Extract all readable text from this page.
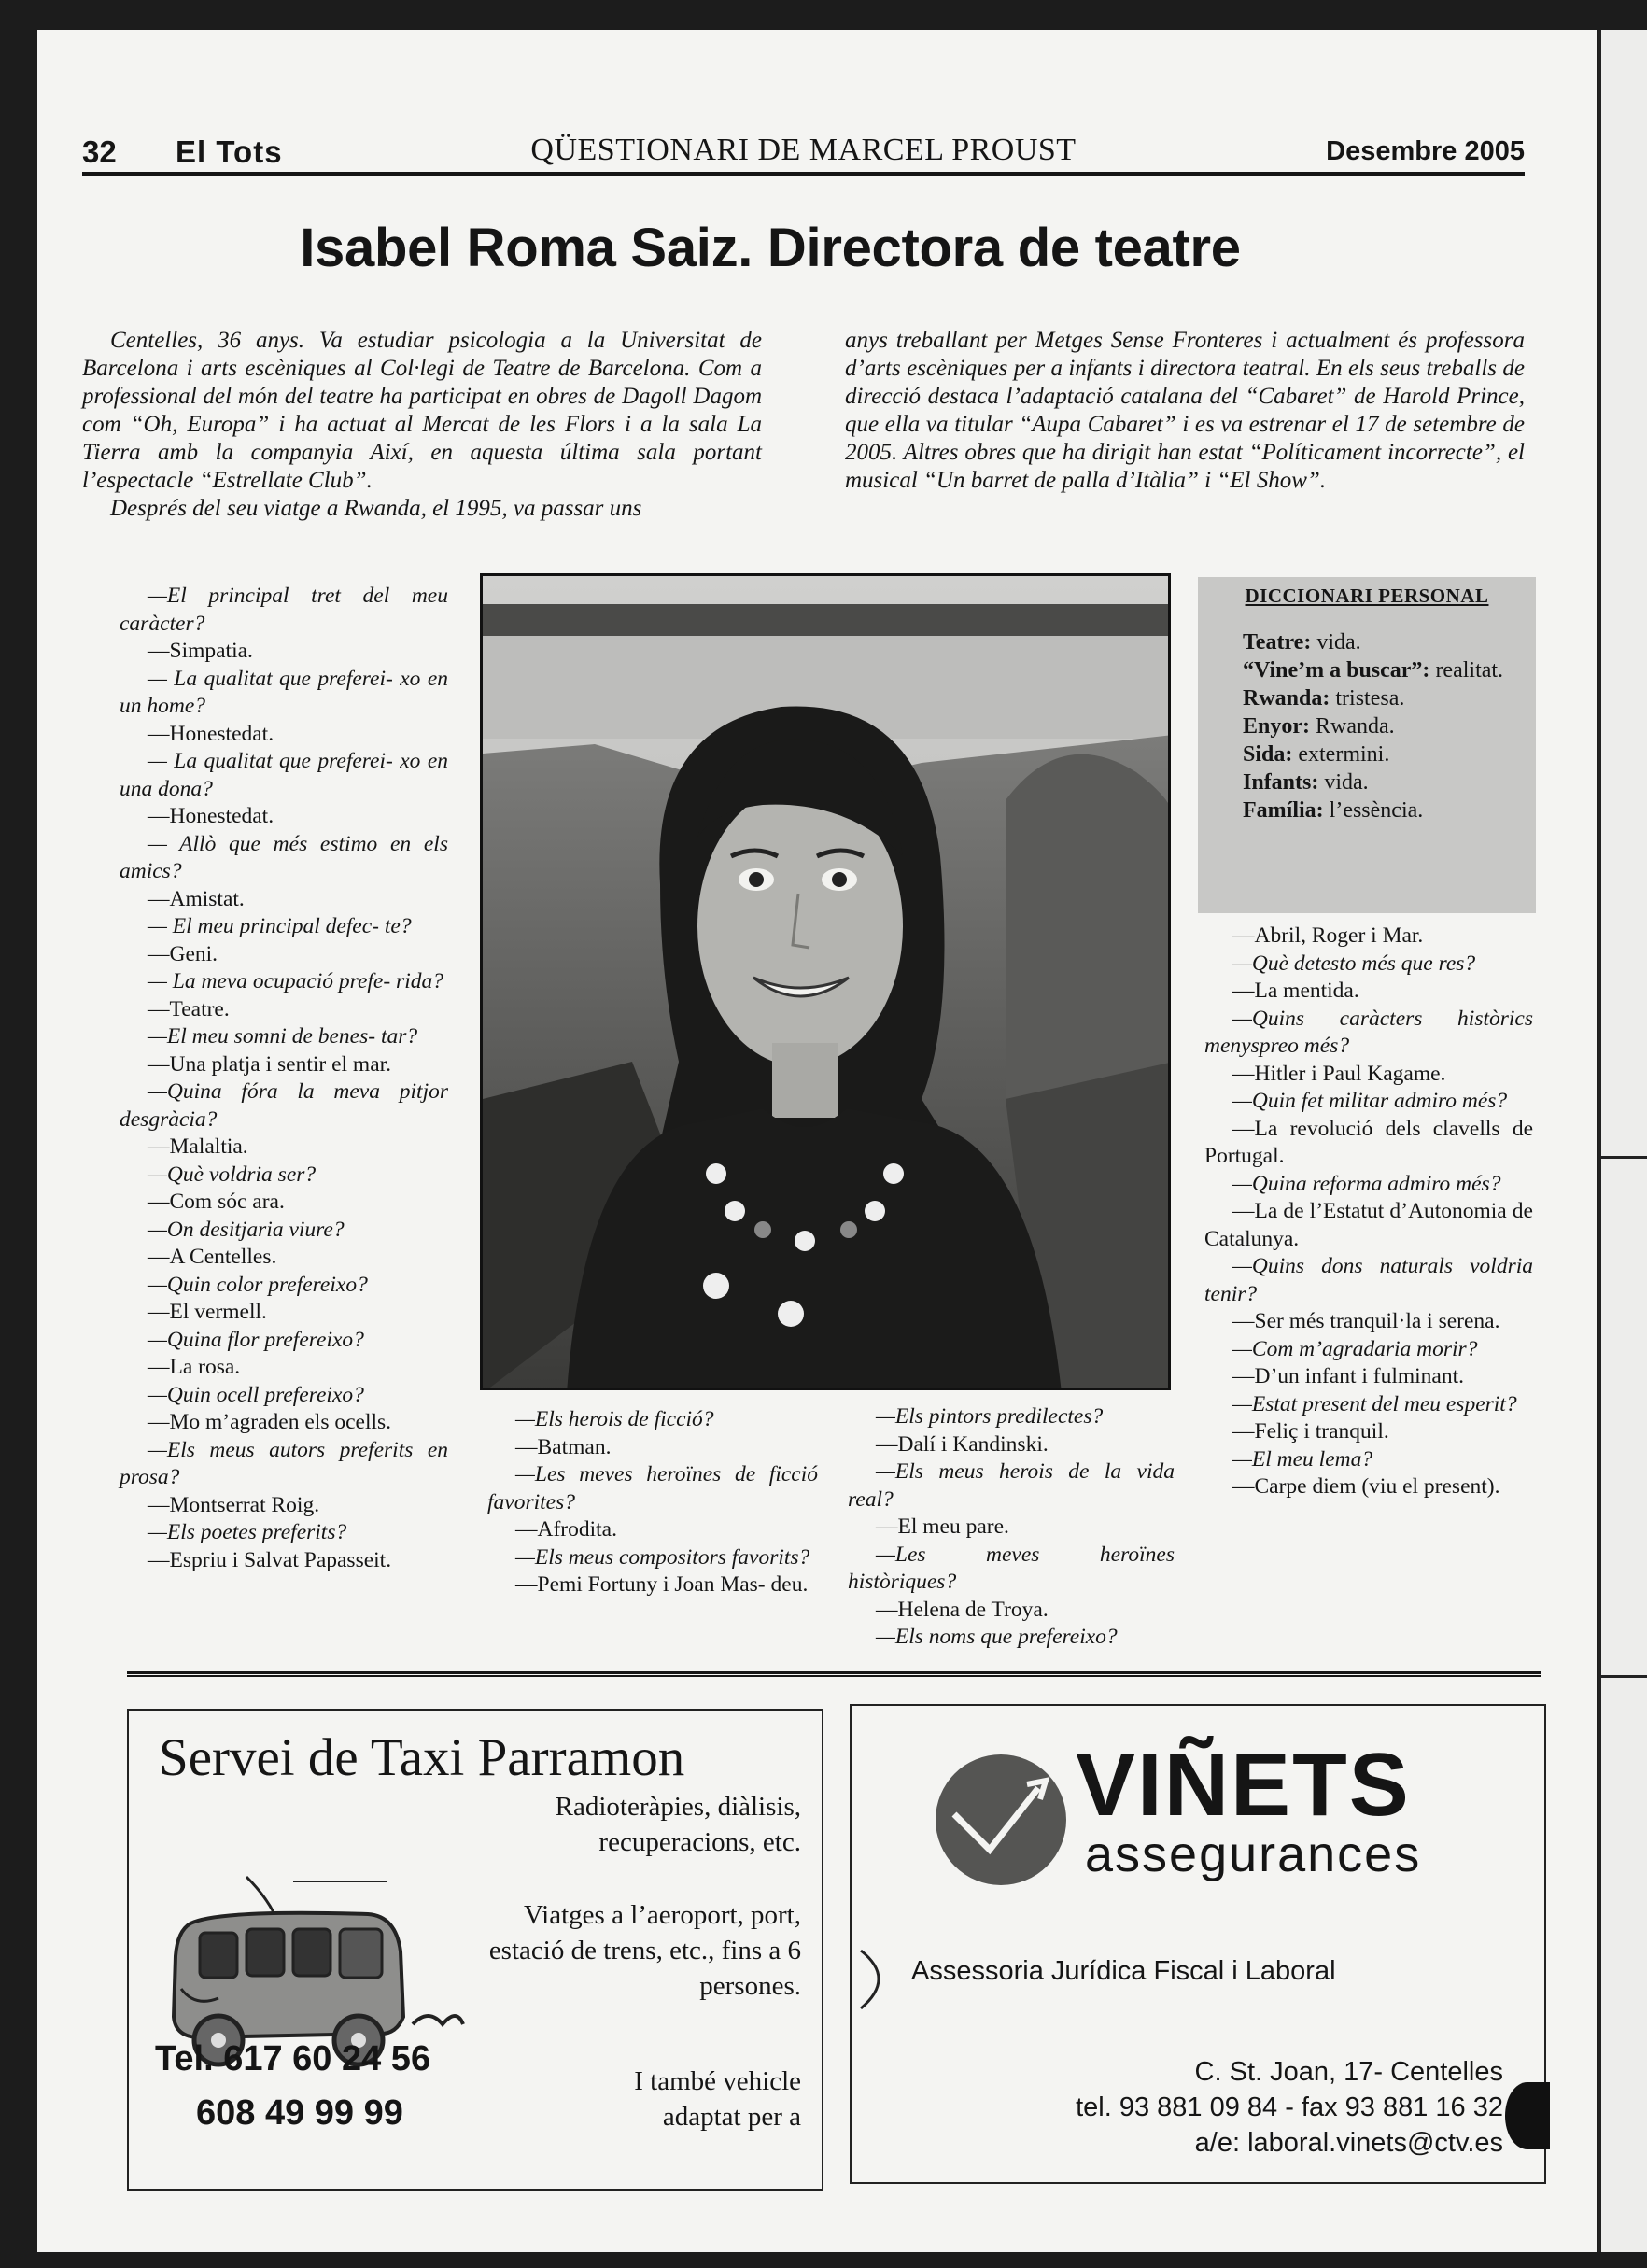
32 El Tots	QÜESTIONARI DE MARCEL PROUST	Desembre 2005
Isabel Roma Saiz. Directora de teatre

Centelles, 36 anys. Va estudiar psicologia a la Universitat de Barcelona i arts escèniques al Col·legi de Teatre de Barcelona. Com a professional del món del teatre ha participat en obres de Dagoll Dagom com “Oh, Europa” i ha actuat al Mercat de les Flors i a la sala La Tierra amb la companyia Així, en aquesta última sala portant l’espectacle “Estrellate Club”.

Després del seu viatge a Rwanda, el 1995, va passar uns

anys treballant per Metges Sense Fronteres i actualment és professora d’arts escèniques per a infants i directora teatral. En els seus treballs de direcció destaca l’adaptació catalana del “Cabaret” de Harold Prince, que ella va titular “Aupa Cabaret” i es va estrenar el 17 de setembre de 2005. Altres obres que ha dirigit han estat “Políticament incorrecte”, el musical “Un barret de palla d’Itàlia” i “El Show”.

—El principal tret del meu caràcter?

—Simpatia.

— La qualitat que preferei- xo en un home?

—Honestedat.

— La qualitat que preferei- xo en una dona?

—Honestedat.

— Allò que més estimo en els amics?

—Amistat.

— El meu principal defec- te?

—Geni.

— La meva ocupació prefe- rida?

—Teatre.

—El meu somni de benes- tar?

—Una platja i sentir el mar.

—Quina fóra la meva pitjor desgràcia?

—Malaltia.

—Què voldria ser?

—Com sóc ara.

—On desitjaria viure?

—A Centelles.

—Quin color prefereixo?

—El vermell.

—Quina flor prefereixo?

—La rosa.

—Quin ocell prefereixo?

—Mo m’agraden els ocells.

—Els meus autors preferits en prosa?

—Montserrat Roig.

—Els poetes preferits?

—Espriu i Salvat Papasseit.

—Els herois de ficció?

—Batman.

—Les meves heroïnes de ficció favorites?

—Afrodita.

—Els meus compositors favorits?

—Pemi Fortuny i Joan Mas- deu.

—Els pintors predilectes?

—Dalí i Kandinski.

—Els meus herois de la vida real?

—El meu pare.

—Les meves heroïnes històriques?

—Helena de Troya.

—Els noms que prefereixo?

—Abril, Roger i Mar.

—Què detesto més que res?

—La mentida.

—Quins caràcters històrics menyspreo més?

—Hitler i Paul Kagame.

—Quin fet militar admiro més?

—La revolució dels clavells de Portugal.

—Quina reforma admiro més?

—La de l’Estatut d’Autonomia de Catalunya.

—Quins dons naturals voldria tenir?

—Ser més tranquil·la i serena.

—Com m’agradaria morir?

—D’un infant i fulminant.

—Estat present del meu esperit?

—Feliç i tranquil.

—El meu lema?

—Carpe diem (viu el present).

DICCIONARI PERSONAL
Teatre: vida.
“Vine’m a buscar”: realitat.
Rwanda: tristesa.
Enyor: Rwanda.
Sida: extermini.
Infants: vida.
Família: l’essència.
Servei de Taxi Parramon
Radioteràpies, diàlisis, recuperacions, etc.
Viatges a l’aeroport, port, estació de trens, etc., fins a 6 persones.
I també vehicle adaptat per a
Tel. 617 60 24 56
608 49 99 99
VIÑETS
assegurances
Assessoria Jurídica Fiscal i Laboral
C. St. Joan, 17- Centelles
tel. 93 881 09 84 - fax 93 881 16 32
a/e: laboral.vinets@ctv.es
